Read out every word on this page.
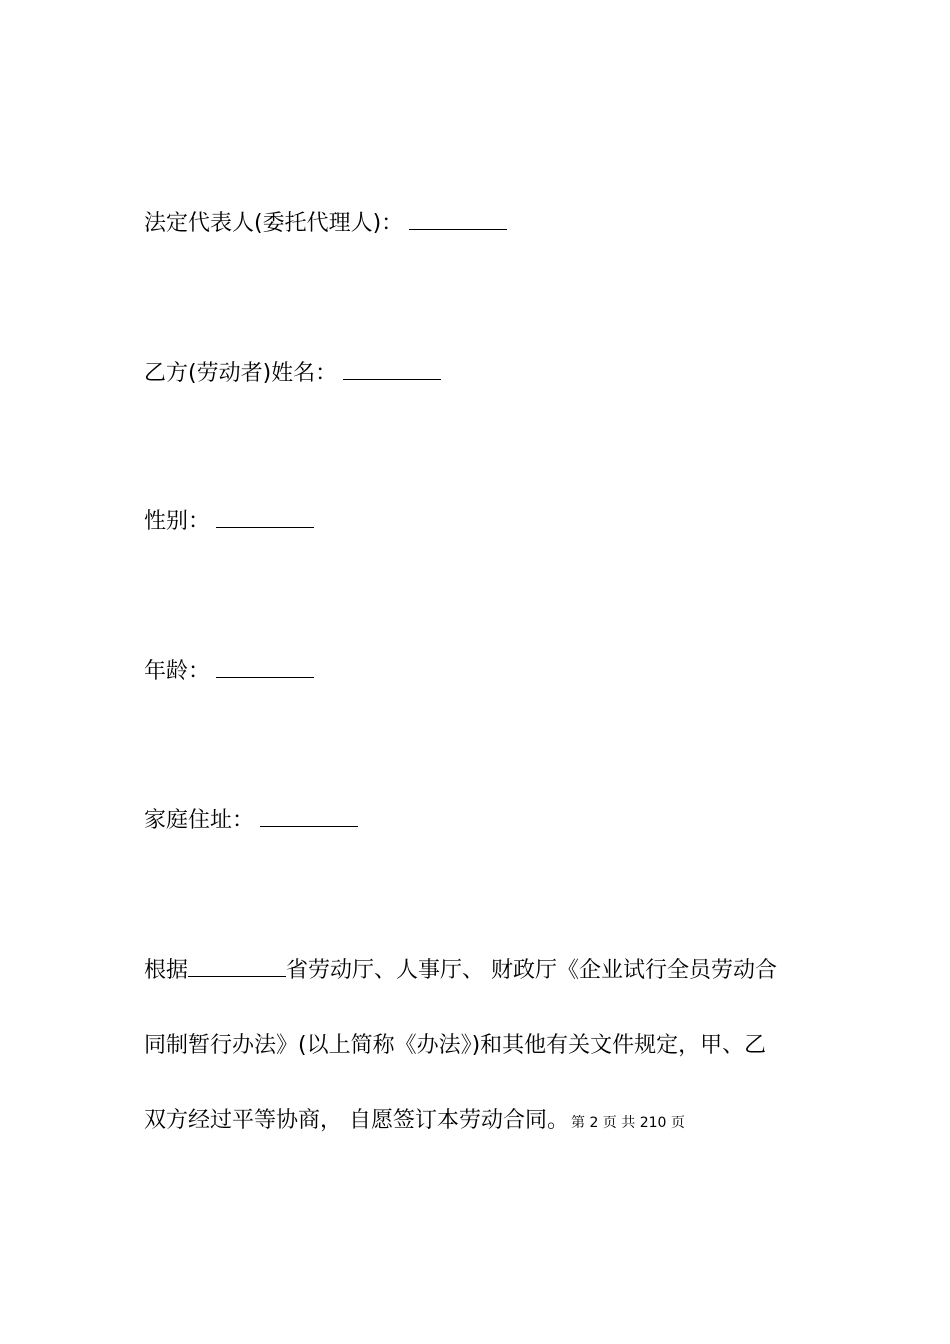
法定代表人(委托代理人)：
乙方(劳动者)姓名：
性别：
年龄：
家庭住址：
根据	省劳动厅、人事厅、 财政厅《企业试行全员劳动合
同制暂行办法》(以上简称《办法》)和其他有关文件规定，甲、乙
双方经过平等协商， 自愿签订本劳动合同。 第 2 页 共 210 页
